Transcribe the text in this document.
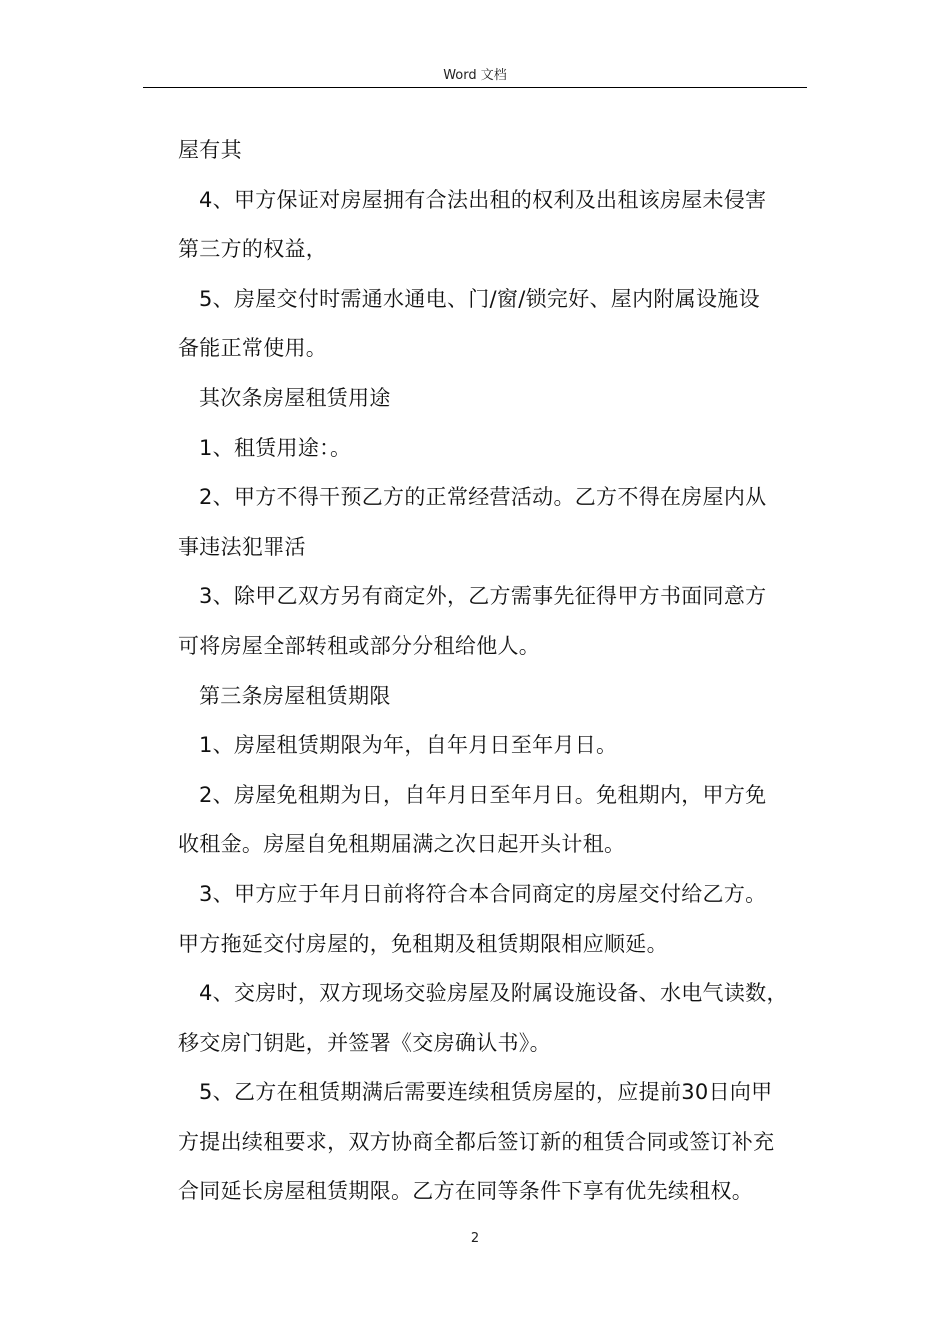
Word 文档
屋有其
4、甲方保证对房屋拥有合法出租的权利及出租该房屋未侵害
第三方的权益，
5、房屋交付时需通水通电、门/窗/锁完好、屋内附属设施设
备能正常使用。
其次条房屋租赁用途
1、租赁用途：。
2、甲方不得干预乙方的正常经营活动。乙方不得在房屋内从
事违法犯罪活
3、除甲乙双方另有商定外，乙方需事先征得甲方书面同意方
可将房屋全部转租或部分分租给他人。
第三条房屋租赁期限
1、房屋租赁期限为年，自年月日至年月日。
2、房屋免租期为日，自年月日至年月日。免租期内，甲方免
收租金。房屋自免租期届满之次日起开头计租。
3、甲方应于年月日前将符合本合同商定的房屋交付给乙方。
甲方拖延交付房屋的，免租期及租赁期限相应顺延。
4、交房时，双方现场交验房屋及附属设施设备、水电气读数，
移交房门钥匙，并签署《交房确认书》。
5、乙方在租赁期满后需要连续租赁房屋的，应提前30日向甲
方提出续租要求，双方协商全都后签订新的租赁合同或签订补充
合同延长房屋租赁期限。乙方在同等条件下享有优先续租权。
2
